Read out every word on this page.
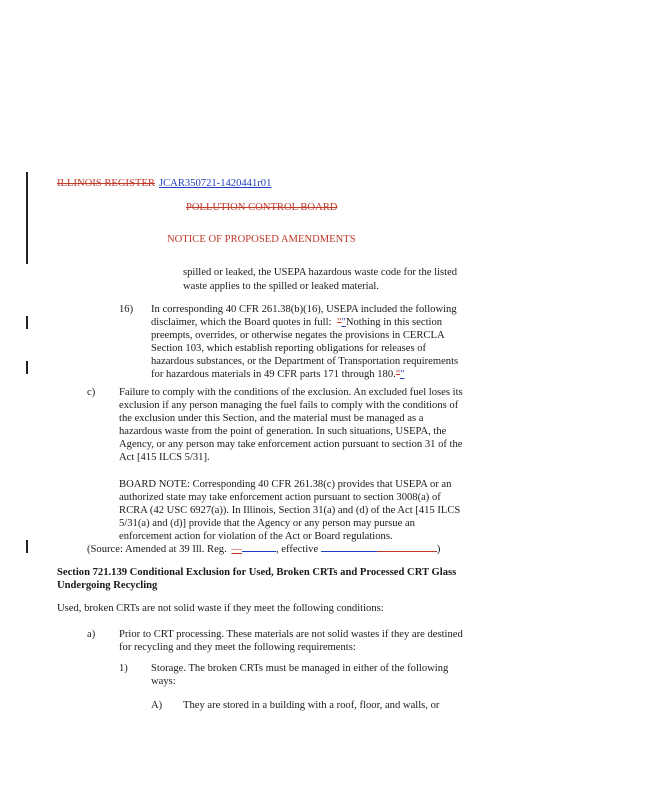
ILLINOIS REGISTER JCAR350721-1420441r01
POLLUTION CONTROL BOARD
NOTICE OF PROPOSED AMENDMENTS
spilled or leaked, the USEPA hazardous waste code for the listed
waste applies to the spilled or leaked material.
16) In corresponding 40 CFR 261.38(b)(16), USEPA included the following
disclaimer, which the Board quotes in full: ""Nothing in this section
preempts, overrides, or otherwise negates the provisions in CERCLA
Section 103, which establish reporting obligations for releases of
hazardous substances, or the Department of Transportation requirements
for hazardous materials in 49 CFR parts 171 through 180.""
c) Failure to comply with the conditions of the exclusion. An excluded fuel loses its
exclusion if any person managing the fuel fails to comply with the conditions of
the exclusion under this Section, and the material must be managed as a
hazardous waste from the point of generation. In such situations, USEPA, the
Agency, or any person may take enforcement action pursuant to section 31 of the
Act [415 ILCS 5/31].
BOARD NOTE: Corresponding 40 CFR 261.38(c) provides that USEPA or an
authorized state may take enforcement action pursuant to section 3008(a) of
RCRA (42 USC 6927(a)). In Illinois, Section 31(a) and (d) of the Act [415 ILCS
5/31(a) and (d)] provide that the Agency or any person may pursue an
enforcement action for violation of the Act or Board regulations.
(Source: Amended at 39 Ill. Reg. —	, effective	)
Section 721.139 Conditional Exclusion for Used, Broken CRTs and Processed CRT Glass
Undergoing Recycling
Used, broken CRTs are not solid waste if they meet the following conditions:
a) Prior to CRT processing. These materials are not solid wastes if they are destined
for recycling and they meet the following requirements:
1) Storage. The broken CRTs must be managed in either of the following
ways:
A) They are stored in a building with a roof, floor, and walls, or
